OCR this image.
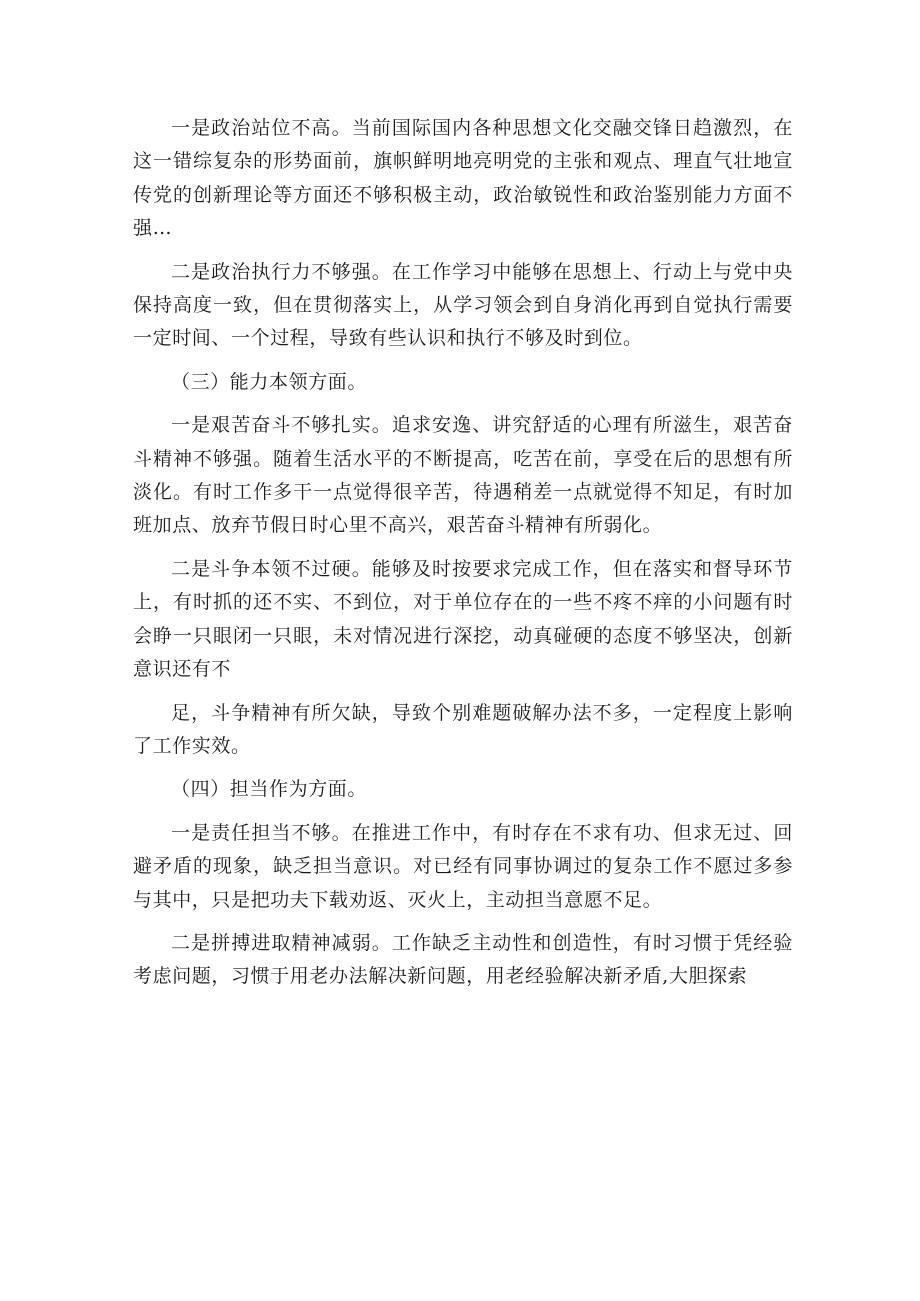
一是政治站位不高。当前国际国内各种思想文化交融交锋日趋激烈，在这一错综复杂的形势面前，旗帜鲜明地亮明党的主张和观点、理直气壮地宣传党的创新理论等方面还不够积极主动，政治敏锐性和政治鉴别能力方面不强…

二是政治执行力不够强。在工作学习中能够在思想上、行动上与党中央保持高度一致，但在贯彻落实上，从学习领会到自身消化再到自觉执行需要一定时间、一个过程，导致有些认识和执行不够及时到位。

（三）能力本领方面。

一是艰苦奋斗不够扎实。追求安逸、讲究舒适的心理有所滋生，艰苦奋斗精神不够强。随着生活水平的不断提高，吃苦在前，享受在后的思想有所淡化。有时工作多干一点觉得很辛苦，待遇稍差一点就觉得不知足，有时加班加点、放弃节假日时心里不高兴，艰苦奋斗精神有所弱化。

二是斗争本领不过硬。能够及时按要求完成工作，但在落实和督导环节上，有时抓的还不实、不到位，对于单位存在的一些不疼不痒的小问题有时会睁一只眼闭一只眼，未对情况进行深挖，动真碰硬的态度不够坚决，创新意识还有不

足，斗争精神有所欠缺，导致个别难题破解办法不多，一定程度上影响了工作实效。

（四）担当作为方面。

一是责任担当不够。在推进工作中，有时存在不求有功、但求无过、回避矛盾的现象，缺乏担当意识。对已经有同事协调过的复杂工作不愿过多参与其中，只是把功夫下载劝返、灭火上，主动担当意愿不足。

二是拼搏进取精神减弱。工作缺乏主动性和创造性，有时习惯于凭经验考虑问题，习惯于用老办法解决新问题，用老经验解决新矛盾,大胆探索
